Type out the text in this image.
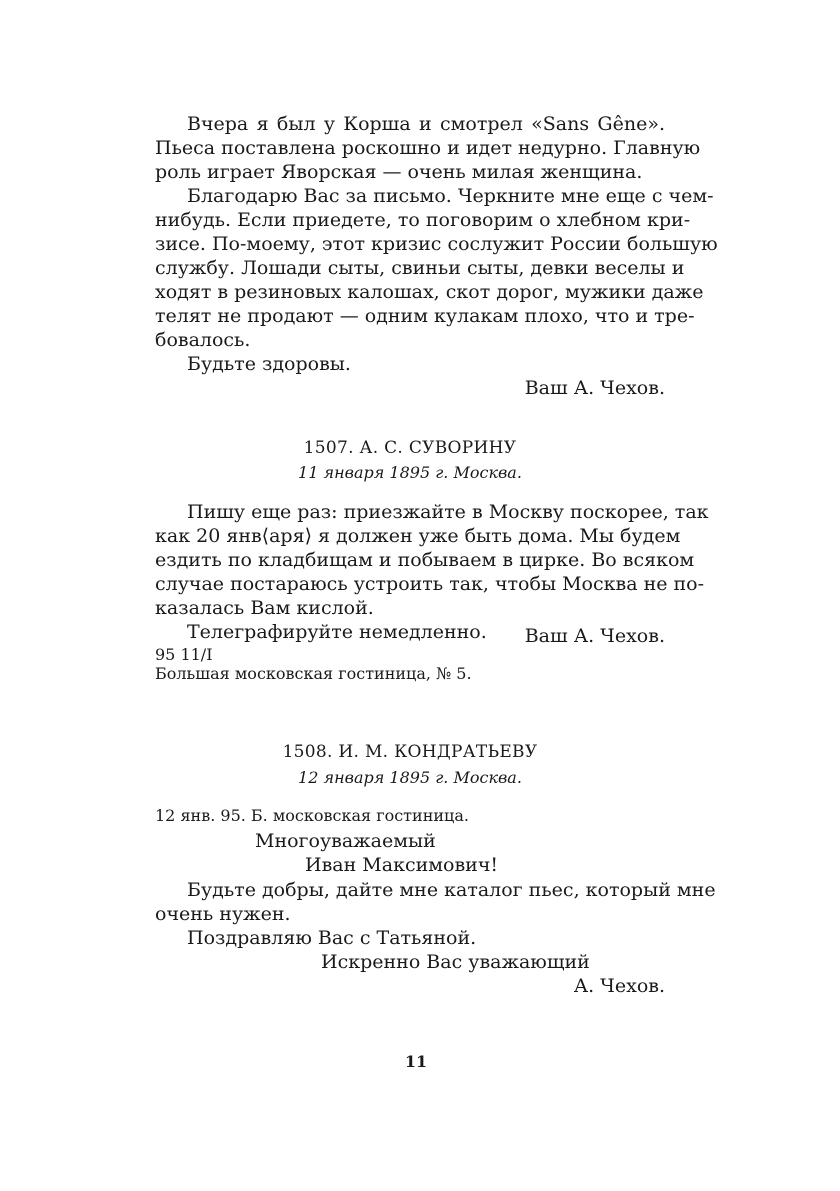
Вчера я был у Корша и смотрел «Sans Gêne».
Пьеса поставлена роскошно и идет недурно. Главную
роль играет Яворская — очень милая женщина.
Благодарю Вас за письмо. Черкните мне еще с чем-
нибудь. Если приедете, то поговорим о хлебном кри-
зисе. По-моему, этот кризис сослужит России большую
службу. Лошади сыты, свиньи сыты, девки веселы и
ходят в резиновых калошах, скот дорог, мужики даже
телят не продают — одним кулакам плохо, что и тре-
бовалось.
Будьте здоровы.
Ваш А. Чехов.
1507. А. С. СУВОРИНУ
11 января 1895 г. Москва.
Пишу еще раз: приезжайте в Москву поскорее, так
как 20 янв⟨аря⟩ я должен уже быть дома. Мы будем
ездить по кладбищам и побываем в цирке. Во всяком
случае постараюсь устроить так, чтобы Москва не по-
казалась Вам кислой.
Телеграфируйте немедленно.	Ваш А. Чехов.
95 11/I
Большая московская гостиница, № 5.
1508. И. М. КОНДРАТЬЕВУ
12 января 1895 г. Москва.
12 янв. 95. Б. московская гостиница.
Многоуважаемый
Иван Максимович!
Будьте добры, дайте мне каталог пьес, который мне
очень нужен.
Поздравляю Вас с Татьяной.
Искренно Вас уважающий
А. Чехов.
11
